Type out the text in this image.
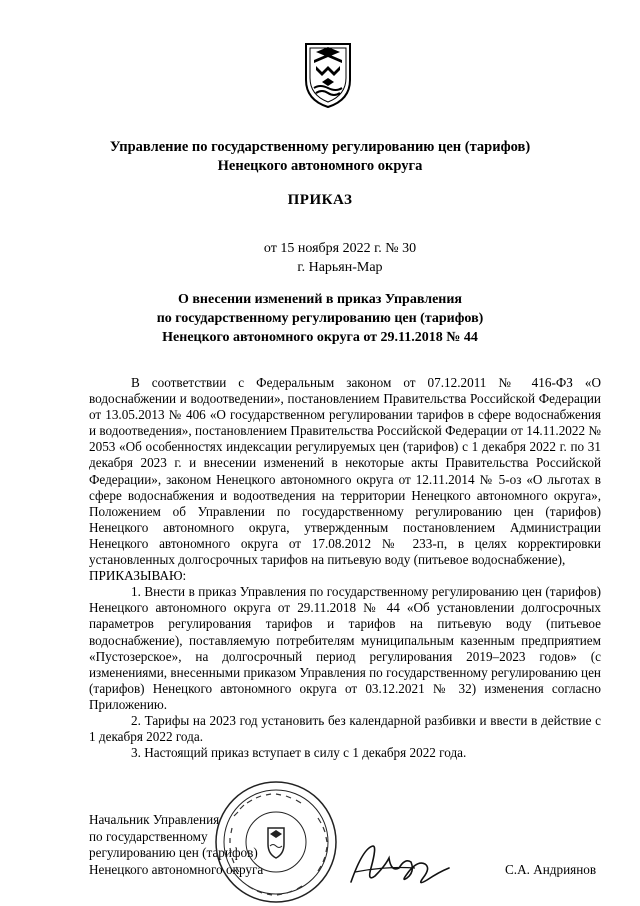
Управление по государственному регулированию цен (тарифов)
Ненецкого автономного округа
ПРИКАЗ
от 15 ноября 2022 г. № 30
г. Нарьян-Мар
О внесении изменений в приказ Управления
по государственному регулированию цен (тарифов)
Ненецкого автономного округа от 29.11.2018 № 44

В соответствии с Федеральным законом от 07.12.2011 № 416-ФЗ «О водоснабжении и водоотведении», постановлением Правительства Российской Федерации от 13.05.2013 № 406 «О государственном регулировании тарифов в сфере водоснабжения и водоотведения», постановлением Правительства Российской Федерации от 14.11.2022 № 2053 «Об особенностях индексации регулируемых цен (тарифов) с 1 декабря 2022 г. по 31 декабря 2023 г. и внесении изменений в некоторые акты Правительства Российской Федерации», законом Ненецкого автономного округа от 12.11.2014 № 5-оз «О льготах в сфере водоснабжения и водоотведения на территории Ненецкого автономного округа», Положением об Управлении по государственному регулированию цен (тарифов) Ненецкого автономного округа, утвержденным постановлением Администрации Ненецкого автономного округа от 17.08.2012 № 233-п, в целях корректировки установленных долгосрочных тарифов на питьевую воду (питьевое водоснабжение),

ПРИКАЗЫВАЮ:

1. Внести в приказ Управления по государственному регулированию цен (тарифов) Ненецкого автономного округа от 29.11.2018 № 44 «Об установлении долгосрочных параметров регулирования тарифов и тарифов на питьевую воду (питьевое водоснабжение), поставляемую потребителям муниципальным казенным предприятием «Пустозерское», на долгосрочный период регулирования 2019–2023 годов» (с изменениями, внесенными приказом Управления по государственному регулированию цен (тарифов) Ненецкого автономного округа от 03.12.2021 № 32) изменения согласно Приложению.

2. Тарифы на 2023 год установить без календарной разбивки и ввести в действие с 1 декабря 2022 года.

3. Настоящий приказ вступает в силу с 1 декабря 2022 года.

Начальник Управления
по государственному
регулированию цен (тарифов)
Ненецкого автономного округа	С.А. Андриянов
